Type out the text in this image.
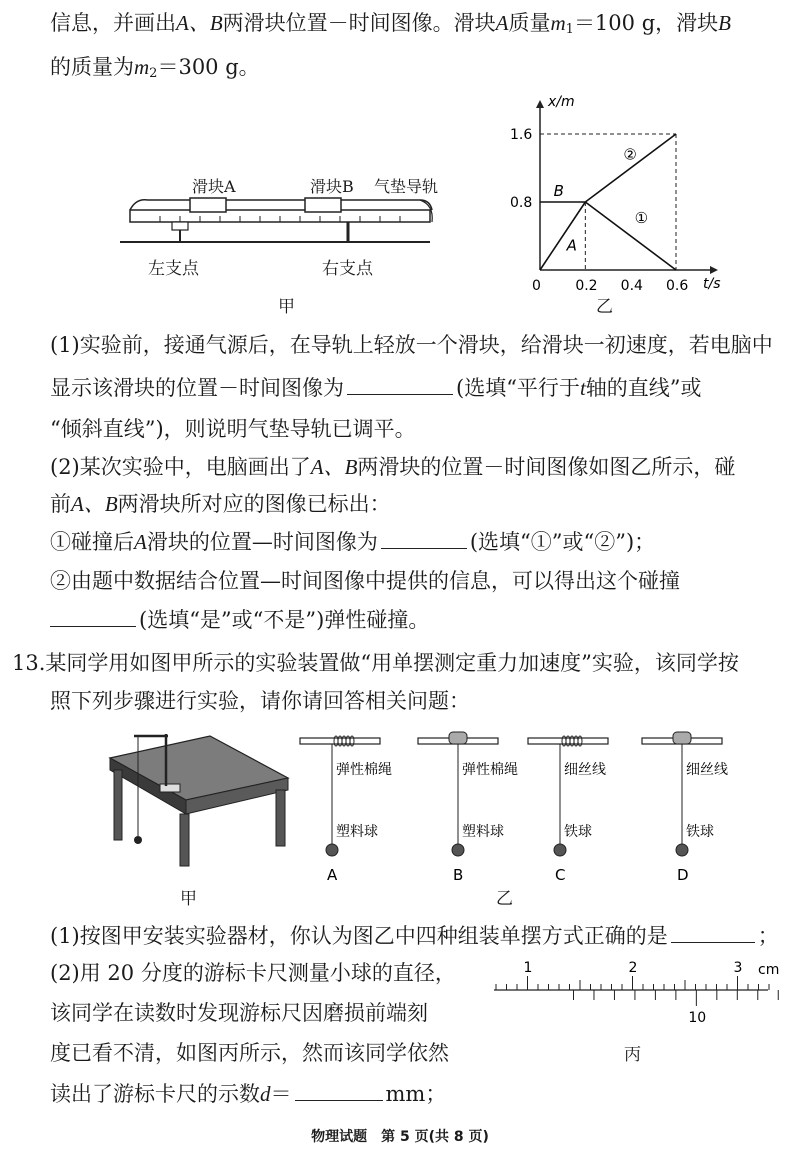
信息，并画出A、B两滑块位置－时间图像。滑块A质量$m_1=100$ g，滑块B
的质量为$m_2=300$ g。
滑块A	滑块B 气垫导轨
左支点	右支点
甲
A
B
①
②
0.2 0.4 0.6
0.8
1.6
x/m
t/s
0
乙
(1)实验前，接通气源后，在导轨上轻放一个滑块，给滑块一初速度，若电脑中
显示该滑块的位置－时间图像为	(选填“平行于t轴的直线”或
“倾斜直线”)，则说明气垫导轨已调平。
(2)某次实验中，电脑画出了A、B两滑块的位置－时间图像如图乙所示，碰
前A、B两滑块所对应的图像已标出：
①碰撞后A滑块的位置—时间图像为	(选填“①”或“②”)；
②由题中数据结合位置—时间图像中提供的信息，可以得出这个碰撞
(选填“是”或“不是”)弹性碰撞。
13.某同学用如图甲所示的实验装置做“用单摆测定重力加速度”实验，该同学按
照下列步骤进行实验，请你请回答相关问题：
甲
弹性棉绳
塑料球
A
弹性棉绳
塑料球
B
细丝线
铁球
C
细丝线
铁球
D
乙
(1)按图甲安装实验器材，你认为图乙中四种组装单摆方式正确的是	；
(2)用 20 分度的游标卡尺测量小球的直径，
该同学在读数时发现游标尺因磨损前端刻
度已看不清，如图丙所示，然而该同学依然
读出了游标卡尺的示数d＝	mm；
1	2	3
10
cm
丙
物理试题　第 5 页(共 8 页)
